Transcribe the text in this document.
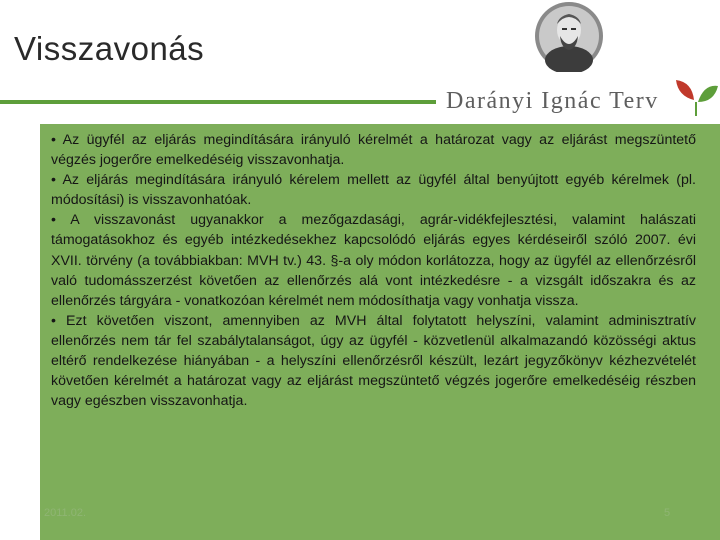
Visszavonás
Darányi Ignác Terv

• Az ügyfél az eljárás megindítására irányuló kérelmét a határozat vagy az eljárást megszüntető végzés jogerőre emelkedéséig visszavonhatja.

• Az eljárás megindítására irányuló kérelem mellett az ügyfél által benyújtott egyéb kérelmek (pl. módosítási) is visszavonhatóak.

• A visszavonást ugyanakkor a mezőgazdasági, agrár-vidékfejlesztési, valamint halászati támogatásokhoz és egyéb intézkedésekhez kapcsolódó eljárás egyes kérdéseiről szóló 2007. évi XVII. törvény (a továbbiakban: MVH tv.) 43. §-a oly módon korlátozza, hogy az ügyfél az ellenőrzésről való tudomásszerzést követően az ellenőrzés alá vont intézkedésre - a vizsgált időszakra és az ellenőrzés tárgyára - vonatkozóan kérelmét nem módosíthatja vagy vonhatja vissza.

• Ezt követően viszont, amennyiben az MVH által folytatott helyszíni, valamint adminisztratív ellenőrzés nem tár fel szabálytalanságot, úgy az ügyfél - közvetlenül alkalmazandó közösségi aktus eltérő rendelkezése hiányában - a helyszíni ellenőrzésről készült, lezárt jegyzőkönyv kézhezvételét követően kérelmét a határozat vagy az eljárást megszüntető végzés jogerőre emelkedéséig részben vagy egészben visszavonhatja.

2011.02.	5
